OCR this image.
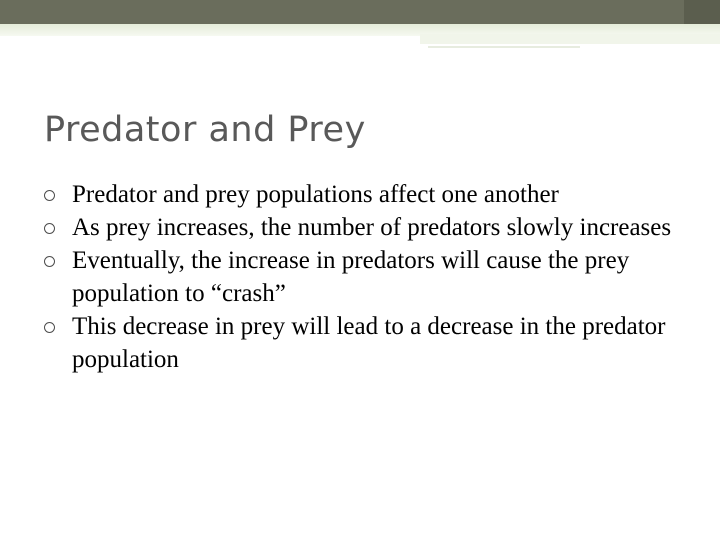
Predator and Prey
Predator and prey populations affect one another
As prey increases, the number of predators slowly increases
Eventually, the increase in predators will cause the prey population to “crash”
This decrease in prey will lead to a decrease in the predator population
